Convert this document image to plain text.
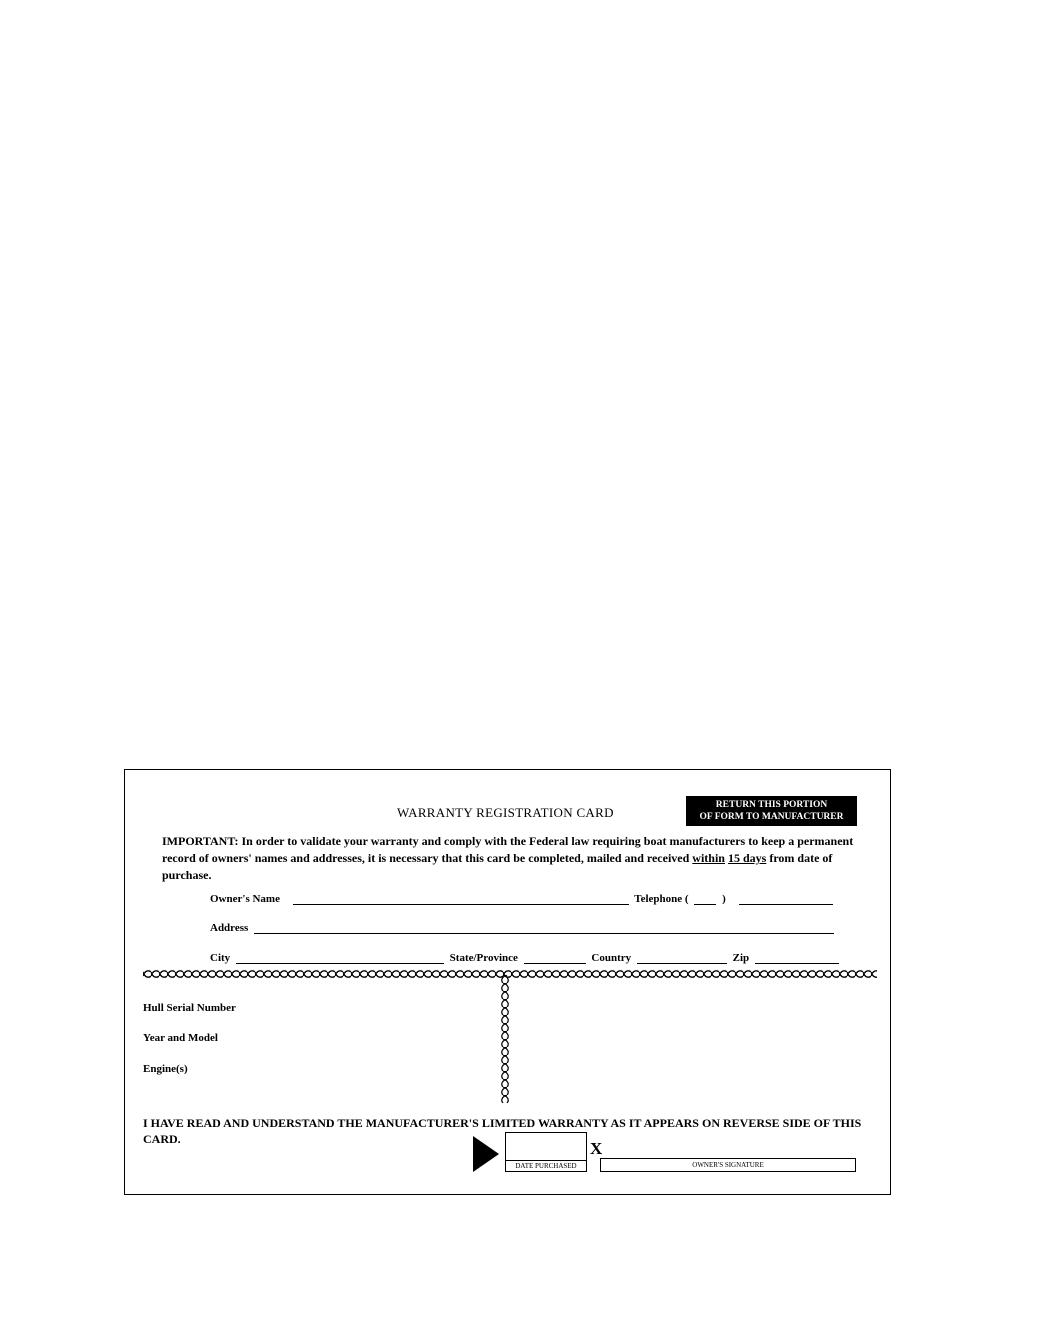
WARRANTY REGISTRATION CARD	RETURN THIS PORTION
OF FORM TO MANUFACTURER
IMPORTANT: In order to validate your warranty and comply with the Federal law requiring boat manufacturers to keep a permanent record of owners' names and addresses, it is necessary that this card be completed, mailed and received within 15 days from date of purchase.
Owner's Name	Telephone (	)
Address
City	State/Province	Country	Zip
Hull Serial Number
Year and Model
Engine(s)
I HAVE READ AND UNDERSTAND THE MANUFACTURER'S LIMITED WARRANTY AS IT APPEARS ON REVERSE SIDE OF THIS CARD.
DATE PURCHASED
X
OWNER'S SIGNATURE
